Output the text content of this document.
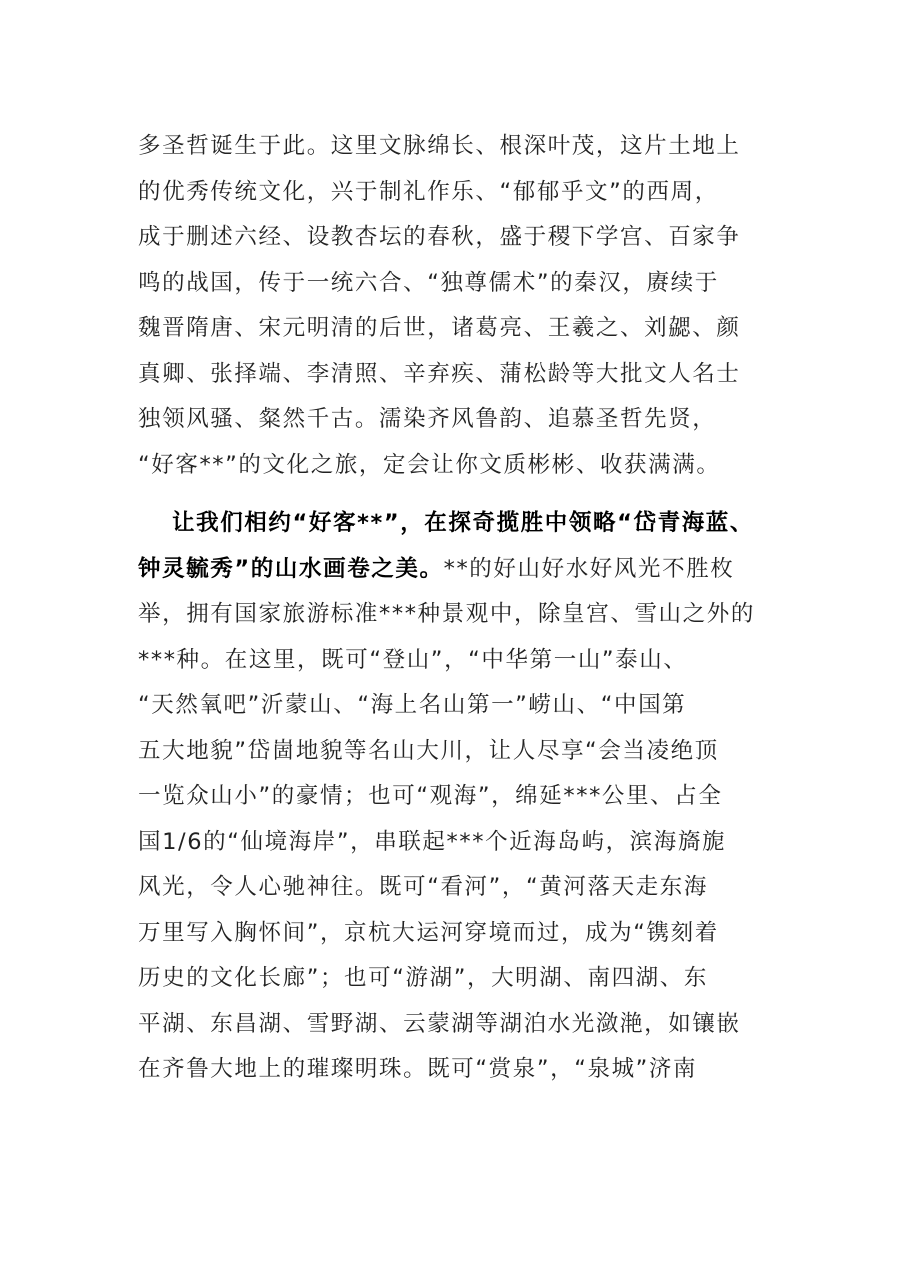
多圣哲诞生于此。这里文脉绵长、根深叶茂，这片土地上
的优秀传统文化，兴于制礼作乐、“郁郁乎文”的西周，
成于删述六经、设教杏坛的春秋，盛于稷下学宫、百家争
鸣的战国，传于一统六合、“独尊儒术”的秦汉，赓续于
魏晋隋唐、宋元明清的后世，诸葛亮、王羲之、刘勰、颜
真卿、张择端、李清照、辛弃疾、蒲松龄等大批文人名士
独领风骚、粲然千古。濡染齐风鲁韵、追慕圣哲先贤，
“好客**”的文化之旅，定会让你文质彬彬、收获满满。
让我们相约“好客**”，在探奇揽胜中领略“岱青海蓝、
钟灵毓秀”的山水画卷之美。**的好山好水好风光不胜枚
举，拥有国家旅游标准***种景观中，除皇宫、雪山之外的
***种。在这里，既可“登山”，“中华第一山”泰山、
“天然氧吧”沂蒙山、“海上名山第一”崂山、“中国第
五大地貌”岱崮地貌等名山大川，让人尽享“会当凌绝顶
一览众山小”的豪情；也可“观海”，绵延***公里、占全
国1/6的“仙境海岸”，串联起***个近海岛屿，滨海旖旎
风光，令人心驰神往。既可“看河”，“黄河落天走东海
万里写入胸怀间”，京杭大运河穿境而过，成为“镌刻着
历史的文化长廊”；也可“游湖”，大明湖、南四湖、东
平湖、东昌湖、雪野湖、云蒙湖等湖泊水光潋滟，如镶嵌
在齐鲁大地上的璀璨明珠。既可“赏泉”，“泉城”济南
